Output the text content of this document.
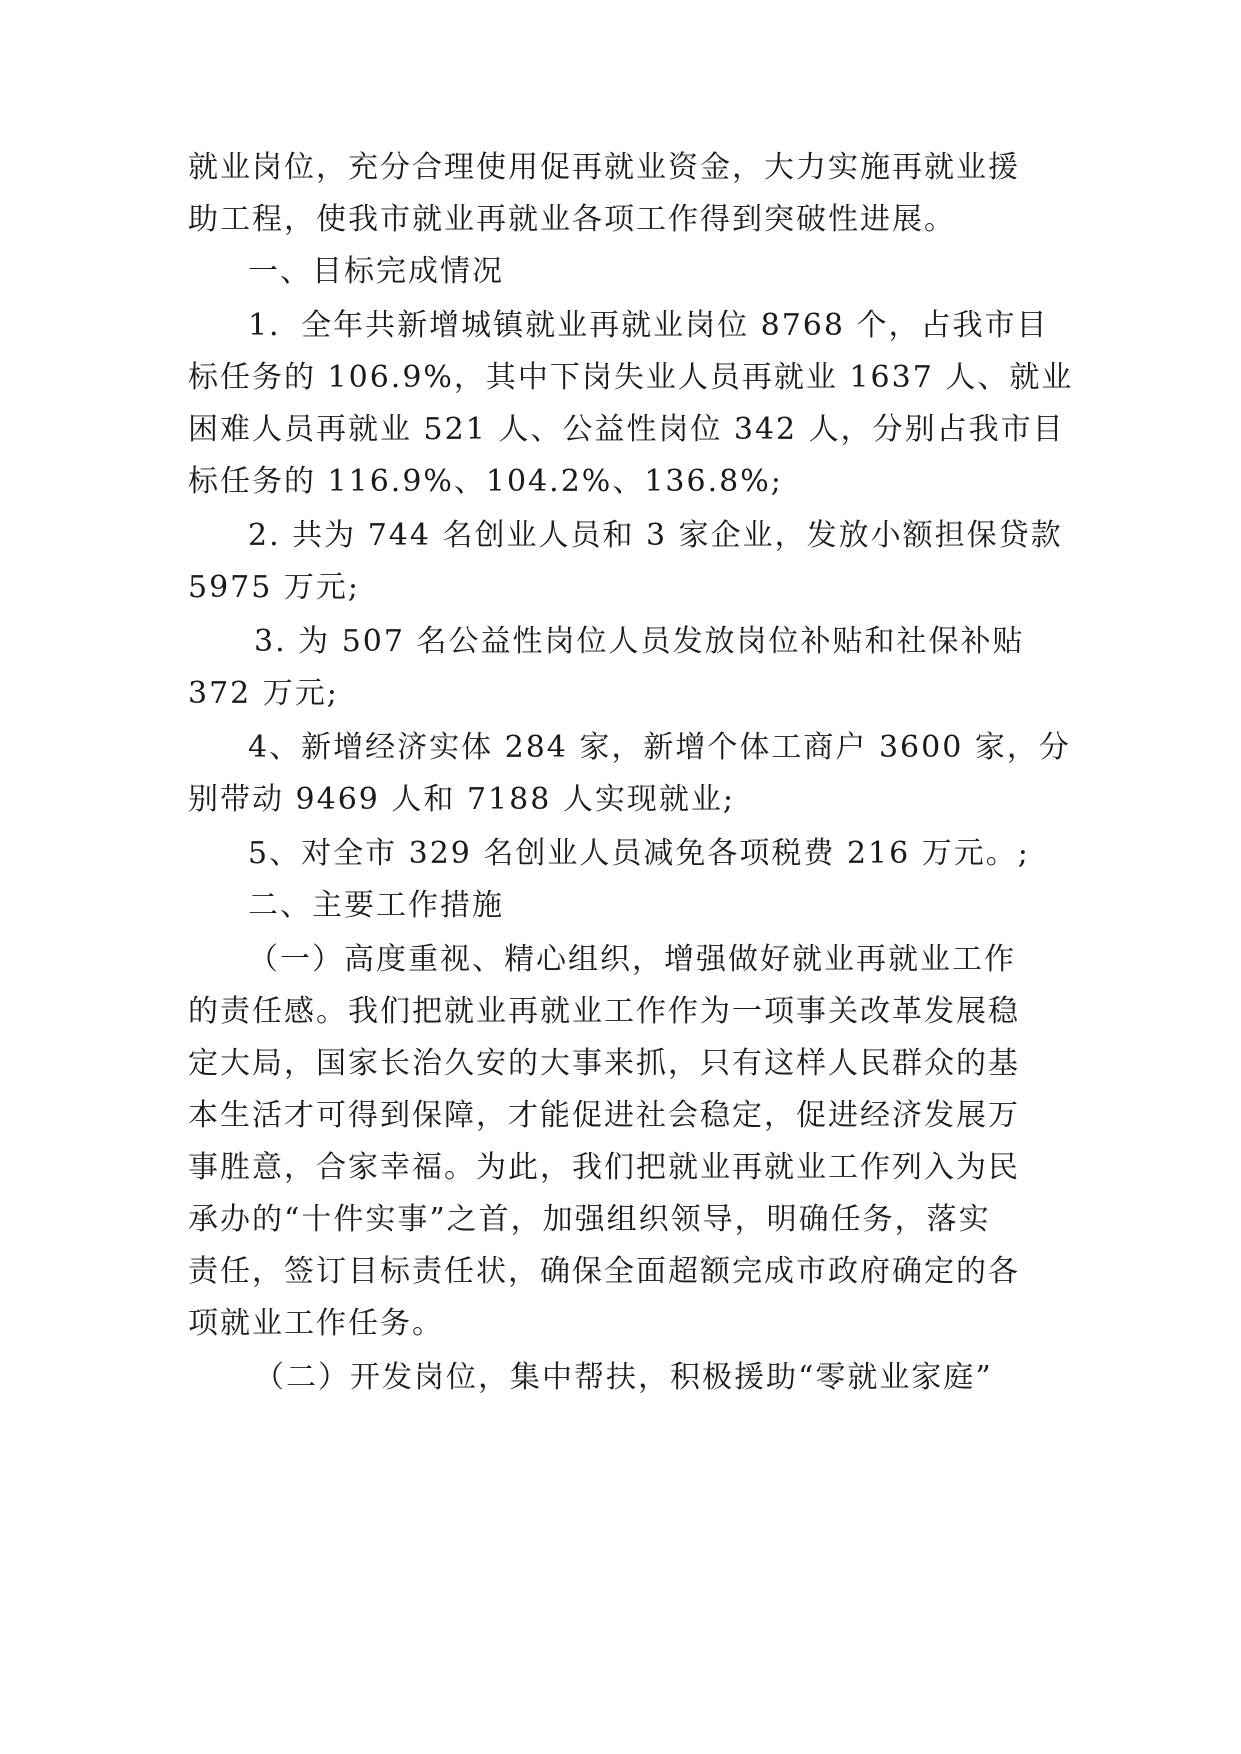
就业岗位，充分合理使用促再就业资金，大力实施再就业援
助工程，使我市就业再就业各项工作得到突破性进展。
一、目标完成情况
1．全年共新增城镇就业再就业岗位 8768 个，占我市目
标任务的 106.9%，其中下岗失业人员再就业 1637 人、就业
困难人员再就业 521 人、公益性岗位 342 人，分别占我市目
标任务的 116.9%、104.2%、136.8%;
2. 共为 744 名创业人员和 3 家企业，发放小额担保贷款
5975 万元;
3. 为 507 名公益性岗位人员发放岗位补贴和社保补贴
372 万元;
4、新增经济实体 284 家，新增个体工商户 3600 家，分
别带动 9469 人和 7188 人实现就业;
5、对全市 329 名创业人员减免各项税费 216 万元。;
二、主要工作措施
（一）高度重视、精心组织，增强做好就业再就业工作
的责任感。我们把就业再就业工作作为一项事关改革发展稳
定大局，国家长治久安的大事来抓，只有这样人民群众的基
本生活才可得到保障，才能促进社会稳定，促进经济发展万
事胜意，合家幸福。为此，我们把就业再就业工作列入为民
承办的“十件实事”之首，加强组织领导，明确任务，落实
责任，签订目标责任状，确保全面超额完成市政府确定的各
项就业工作任务。
（二）开发岗位，集中帮扶，积极援助“零就业家庭”
